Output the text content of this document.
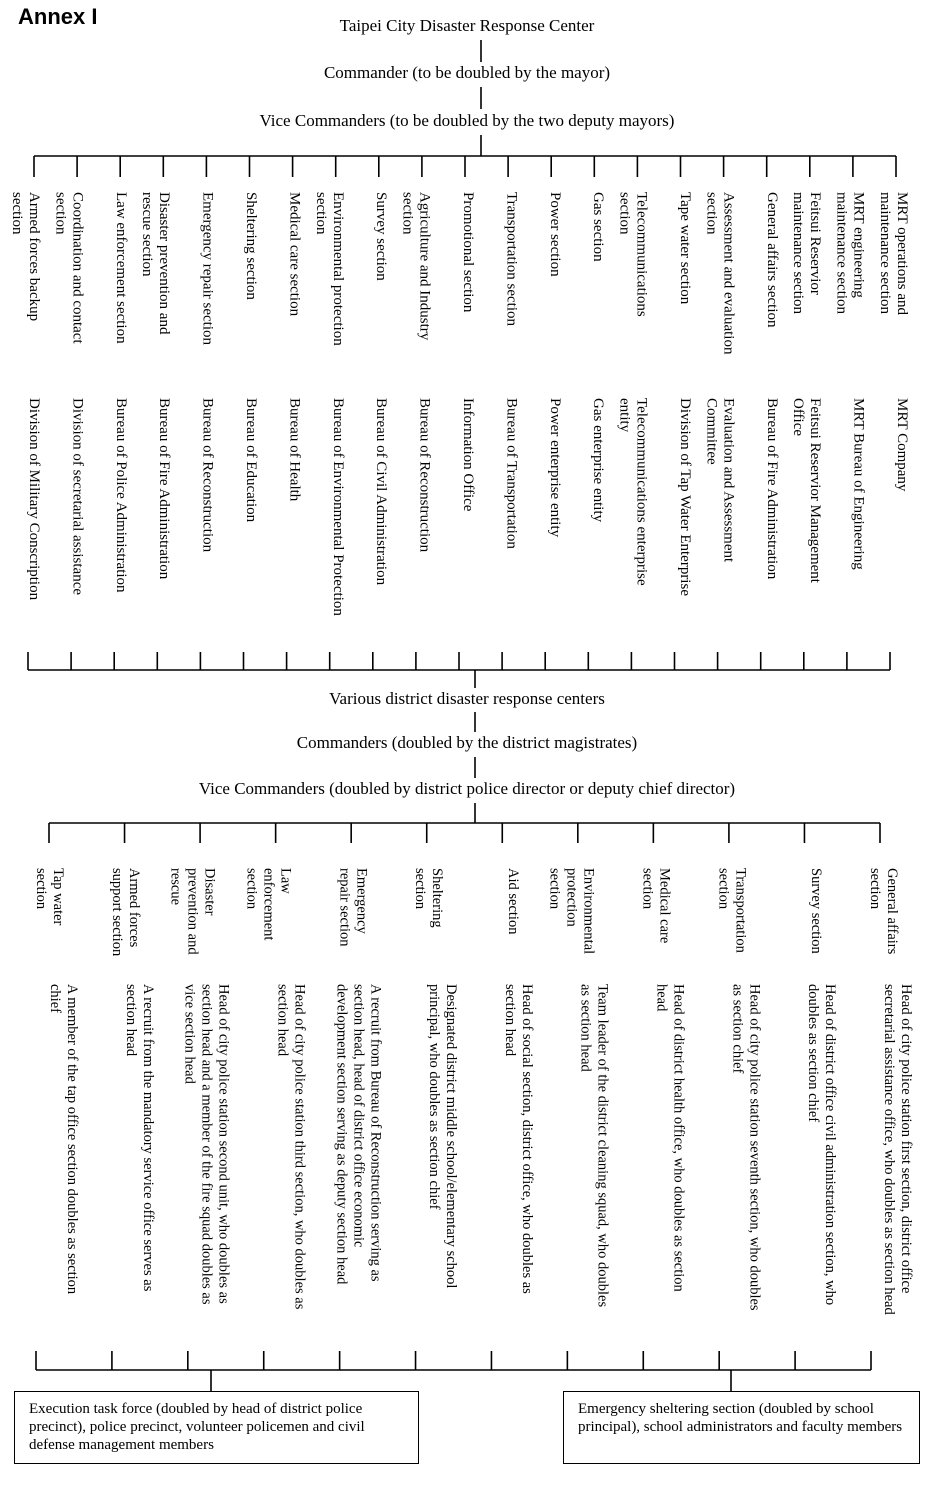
Annex I	Taipei City Disaster Response Center
Commander (to be doubled by the mayor)
Vice Commanders (to be doubled by the two deputy mayors)
Armed forces backup section
Division of Military Conscription
Coordination and contact section
Division of secretarial assistance
Law enforcement section
Bureau of Police Administration
Disaster prevention and rescue section
Bureau of Fire Administration
Emergency repair section
Bureau of Reconstruction
Sheltering section
Bureau of Education
Medical care section
Bureau of Health
Environmental protection section
Bureau of Environmental Protection
Survey section
Bureau of Civil Administration
Agriculture and Industry section
Bureau of Reconstruction
Promotional section
Information Office
Transportation section
Bureau of Transportation
Power section
Power enterprise entity
Gas section
Gas enterprise entity
Telecommunications section
Telecommunications enterprise entity
Tape water section
Division of Tap Water Enterprise
Assessment and evaluation section
Evaluation and Assessment Committee
General affairs section
Bureau of Fire Administration
Feitsui Reservior maintenance section
Feitsui Reservior Management Office
MRT engineering maintenance section
MRT Bureau of Engineering
MRT operations and maintenance section
MRT Company
Various district disaster response centers
Commanders (doubled by the district magistrates)
Vice Commanders (doubled by district police director or deputy chief director)
Tap water section
A member of the tap office section doubles as section chief
Armed forces support section
A recruit from the mandatory service office serves as section head
Disaster prevention and rescue
Head of city police station second unit, who doubles as section head and a member of the fire squad doubles as vice section head
Law enforcement section
Head of city police station third section, who doubles as section head
Emergency repair section
A recruit from Bureau of Reconstruction serving as section head, head of district office economic development section serving as deputy section head
Sheltering section
Designated district middle school/elementary school principal, who doubles as section chief
Aid section
Head of social section, district office, who doubles as section head
Environmental protection section
Team leader of the district cleaning squad, who doubles as section head
Medical care section
Head of district health office, who doubles as section head
Transportation section
Head of city police station seventh section, who doubles as section chief
Survey section
Head of district office civil administration section, who doubles as section chief
General affairs section
Head of city police station first section, district office secretarial assistance office, who doubles as section head
Execution task force (doubled by head of district police precinct), police precinct, volunteer policemen and civil defense management members
Emergency sheltering section (doubled by school principal), school administrators and faculty members
